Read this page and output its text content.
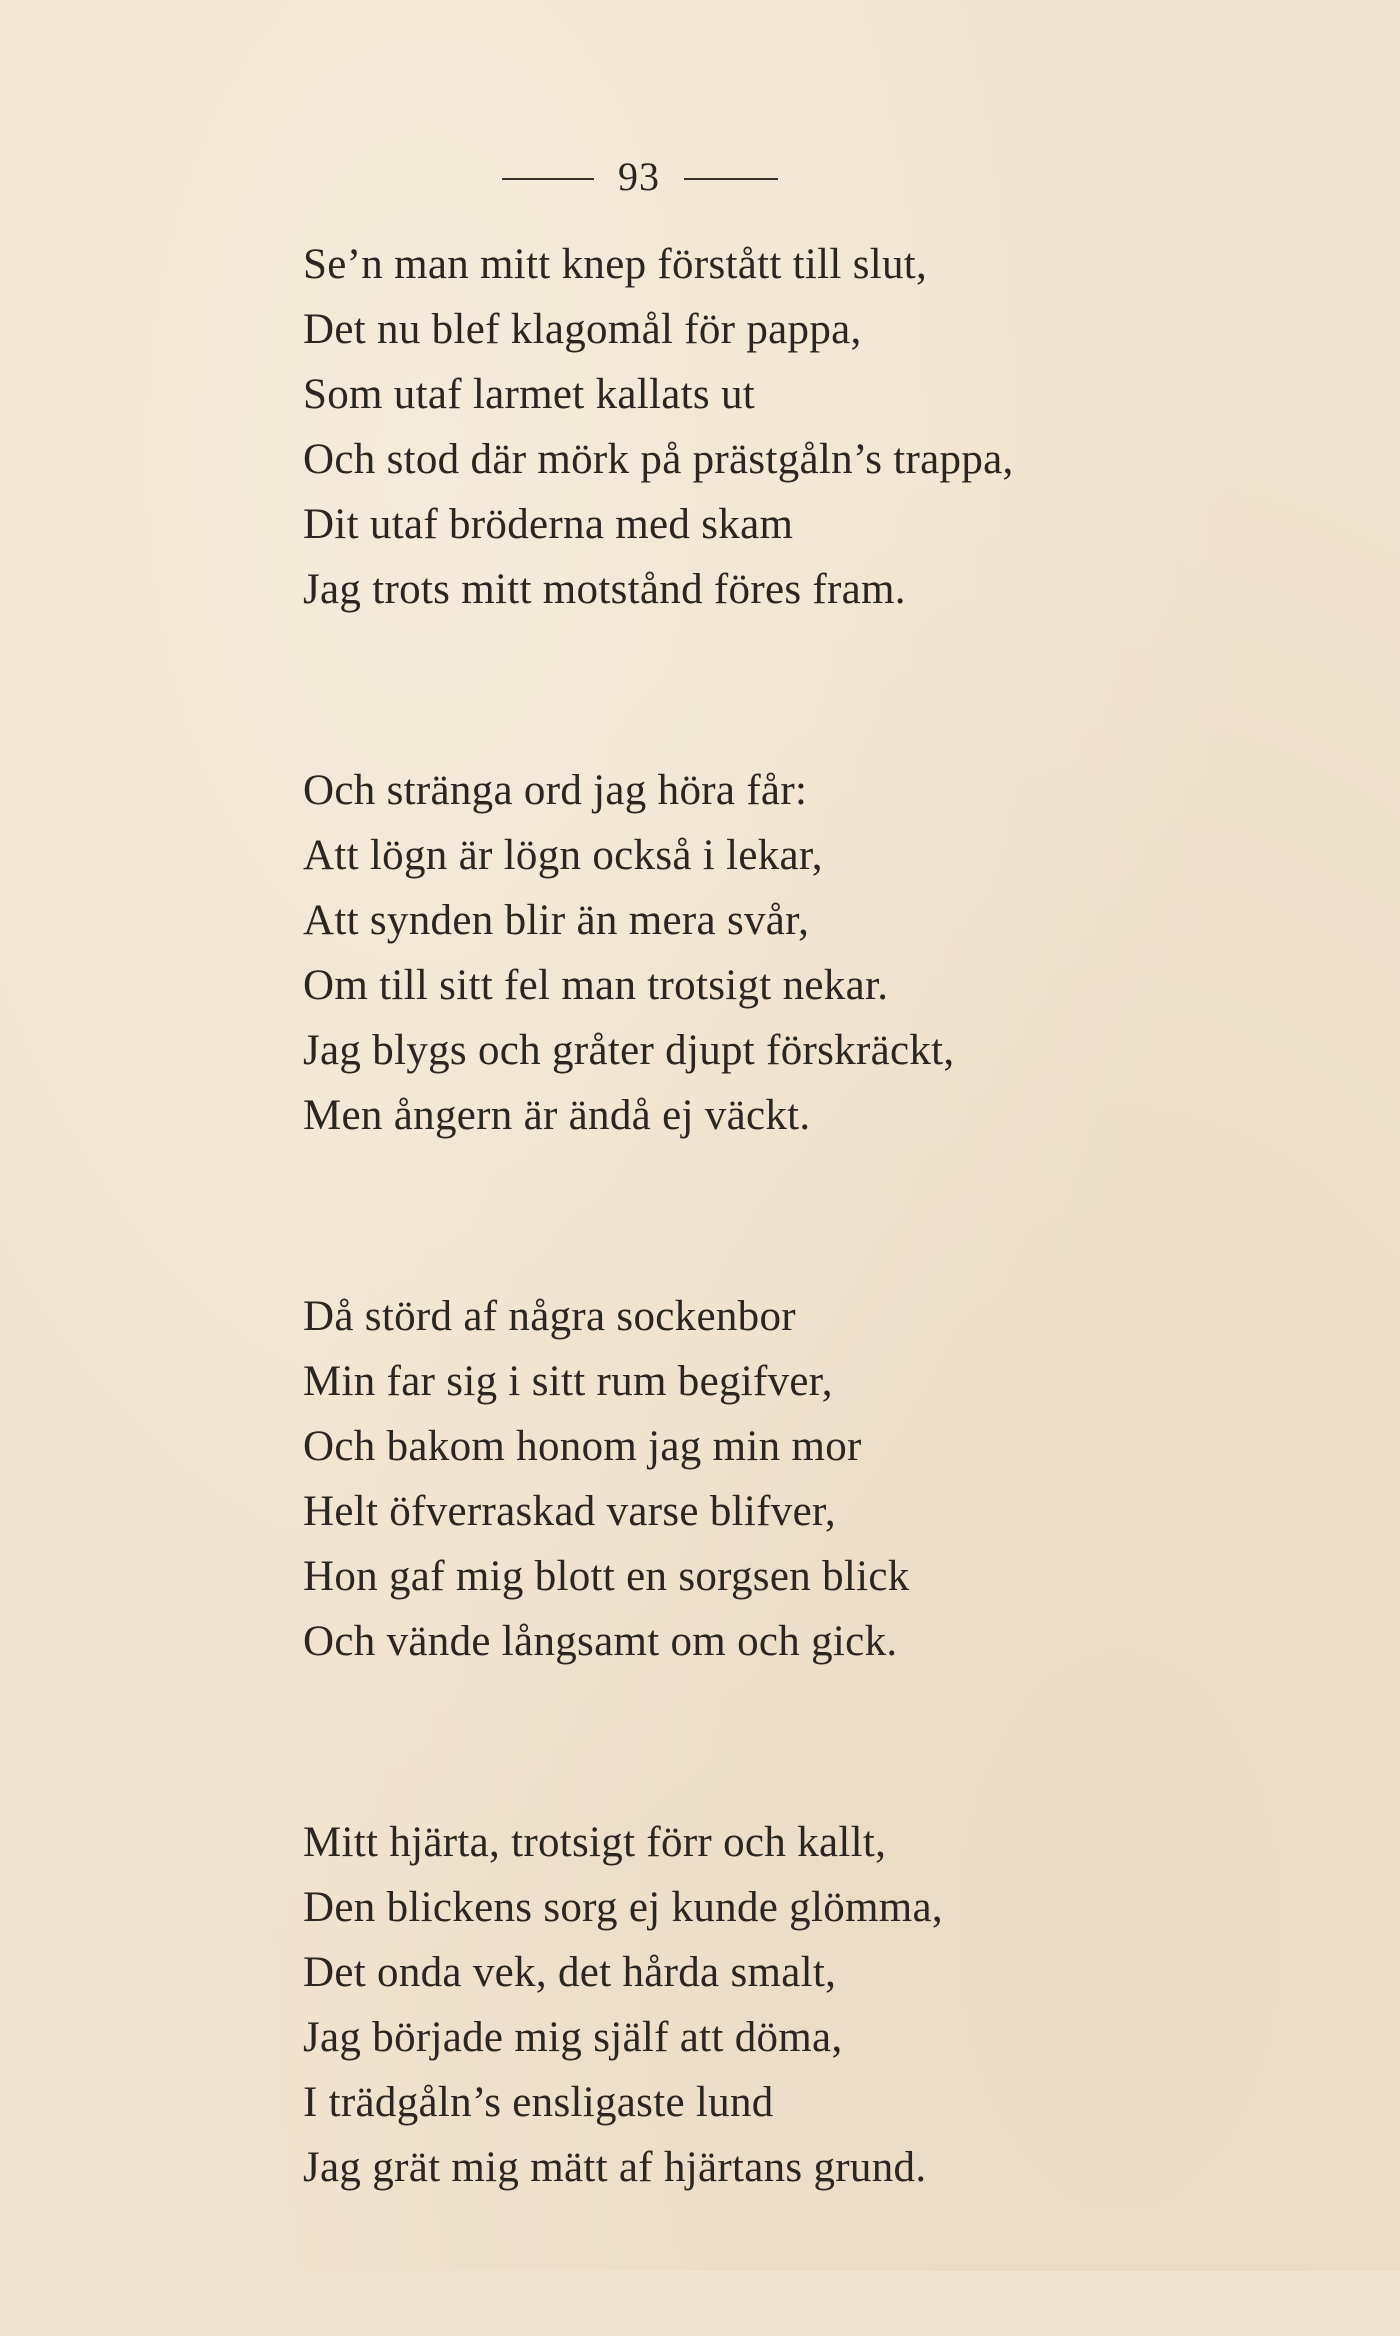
93
Se’n man mitt knep förstått till slut,
Det nu blef klagomål för pappa,
Som utaf larmet kallats ut
Och stod där mörk på prästgåln’s trappa,
Dit utaf bröderna med skam
Jag trots mitt motstånd föres fram.
Och stränga ord jag höra får:
Att lögn är lögn också i lekar,
Att synden blir än mera svår,
Om till sitt fel man trotsigt nekar.
Jag blygs och gråter djupt förskräckt,
Men ångern är ändå ej väckt.
Då störd af några sockenbor
Min far sig i sitt rum begifver,
Och bakom honom jag min mor
Helt öfverraskad varse blifver,
Hon gaf mig blott en sorgsen blick
Och vände långsamt om och gick.
Mitt hjärta, trotsigt förr och kallt,
Den blickens sorg ej kunde glömma,
Det onda vek, det hårda smalt,
Jag började mig själf att döma,
I trädgåln’s ensligaste lund
Jag grät mig mätt af hjärtans grund.
